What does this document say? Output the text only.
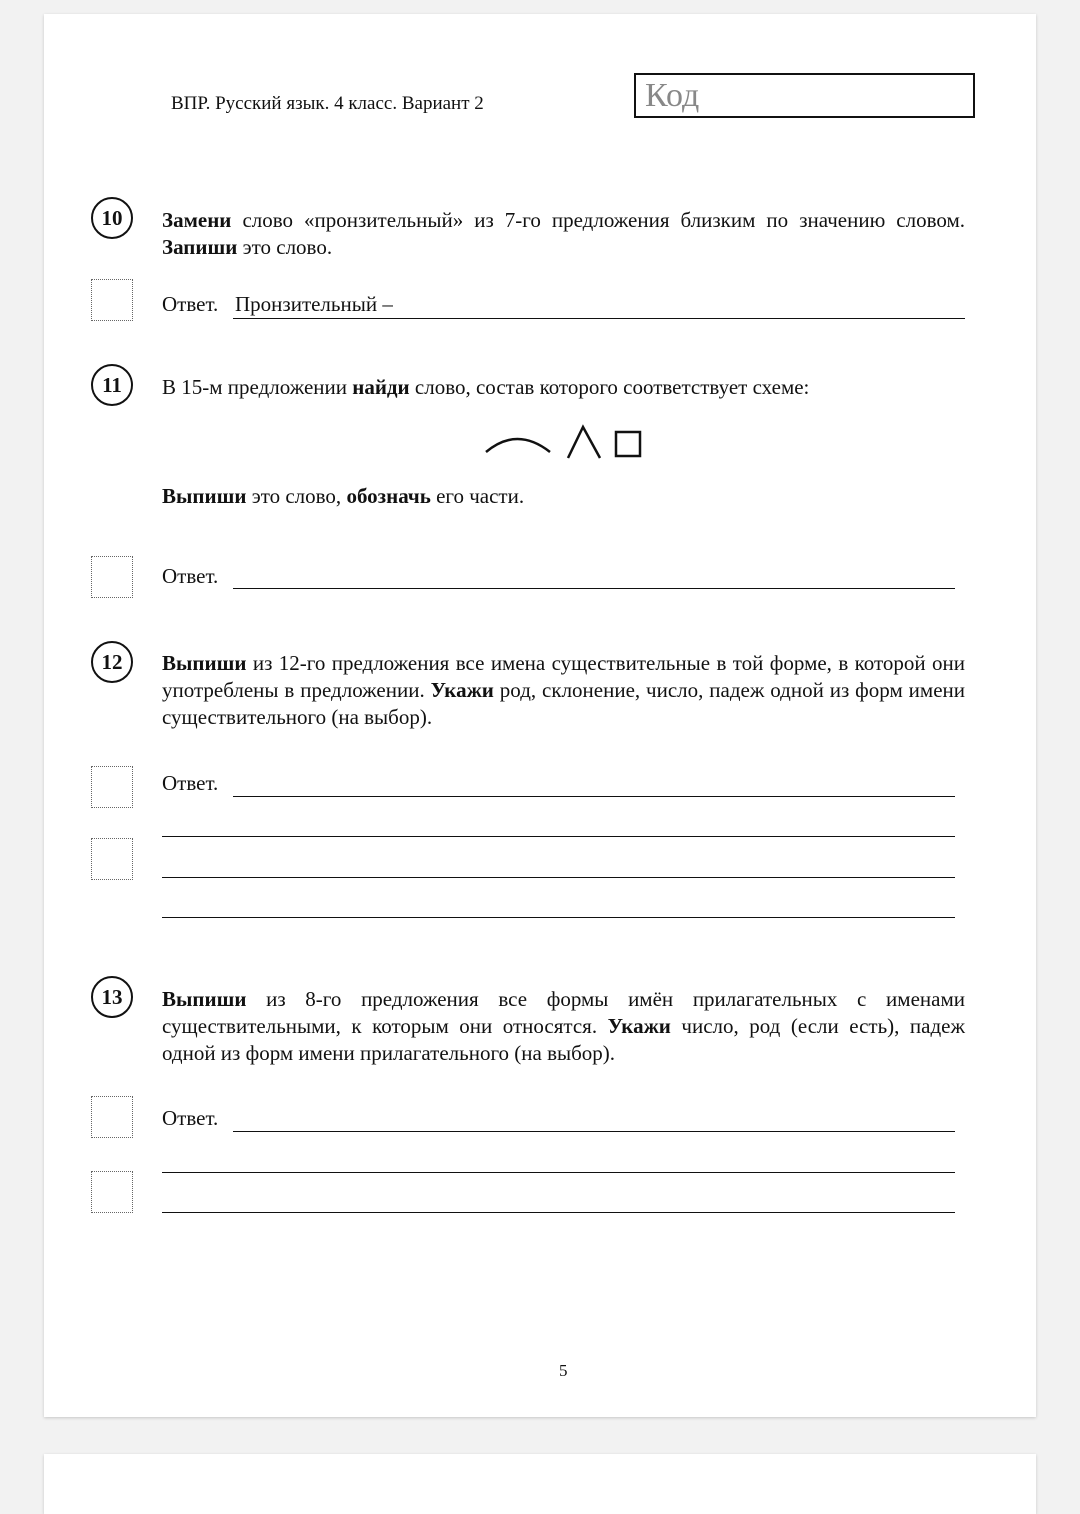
ВПР. Русский язык. 4 класс. Вариант 2	Код
10	Замени слово «пронзительный» из 7-го предложения близким по значению словом. Запиши это слово.
Ответ. Пронзительный –
11	В 15-м предложении найди слово, состав которого соответствует схеме:
Выпиши это слово, обозначь его части.
Ответ.
12	Выпиши из 12-го предложения все имена существительные в той форме, в которой они употреблены в предложении. Укажи род, склонение, число, падеж одной из форм имени существительного (на выбор).
Ответ.
13	Выпиши из 8-го предложения все формы имён прилагательных с именами существительными, к которым они относятся. Укажи число, род (если есть), падеж одной из форм имени прилагательного (на выбор).
Ответ.
5
